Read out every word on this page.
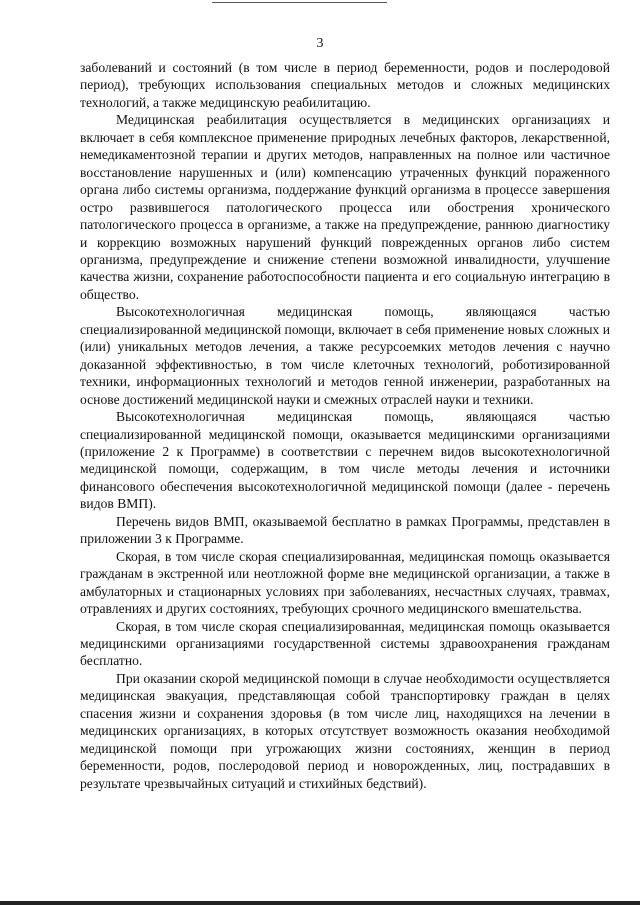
3

заболеваний и состояний (в том числе в период беременности, родов и послеродовой период), требующих использования специальных методов и сложных медицинских технологий, а также медицинскую реабилитацию.

Медицинская реабилитация осуществляется в медицинских организациях и включает в себя комплексное применение природных лечебных факторов, лекарственной, немедикаментозной терапии и других методов, направленных на полное или частичное восстановление нарушенных и (или) компенсацию утраченных функций пораженного органа либо системы организма, поддержание функций организма в процессе завершения остро развившегося патологического процесса или обострения хронического патологического процесса в организме, а также на предупреждение, раннюю диагностику и коррекцию возможных нарушений функций поврежденных органов либо систем организма, предупреждение и снижение степени возможной инвалидности, улучшение качества жизни, сохранение работоспособности пациента и его социальную интеграцию в общество.

Высокотехнологичная медицинская помощь, являющаяся частью специализированной медицинской помощи, включает в себя применение новых сложных и (или) уникальных методов лечения, а также ресурсоемких методов лечения с научно доказанной эффективностью, в том числе клеточных технологий, роботизированной техники, информационных технологий и методов генной инженерии, разработанных на основе достижений медицинской науки и смежных отраслей науки и техники.

Высокотехнологичная медицинская помощь, являющаяся частью специализированной медицинской помощи, оказывается медицинскими организациями (приложение 2 к Программе) в соответствии с перечнем видов высокотехнологичной медицинской помощи, содержащим, в том числе методы лечения и источники финансового обеспечения высокотехнологичной медицинской помощи (далее - перечень видов ВМП).

Перечень видов ВМП, оказываемой бесплатно в рамках Программы, представлен в приложении 3 к Программе.

Скорая, в том числе скорая специализированная, медицинская помощь оказывается гражданам в экстренной или неотложной форме вне медицинской организации, а также в амбулаторных и стационарных условиях при заболеваниях, несчастных случаях, травмах, отравлениях и других состояниях, требующих срочного медицинского вмешательства.

Скорая, в том числе скорая специализированная, медицинская помощь оказывается медицинскими организациями государственной системы здравоохранения гражданам бесплатно.

При оказании скорой медицинской помощи в случае необходимости осуществляется медицинская эвакуация, представляющая собой транспортировку граждан в целях спасения жизни и сохранения здоровья (в том числе лиц, находящихся на лечении в медицинских организациях, в которых отсутствует возможность оказания необходимой медицинской помощи при угрожающих жизни состояниях, женщин в период беременности, родов, послеродовой период и новорожденных, лиц, пострадавших в результате чрезвычайных ситуаций и стихийных бедствий).
